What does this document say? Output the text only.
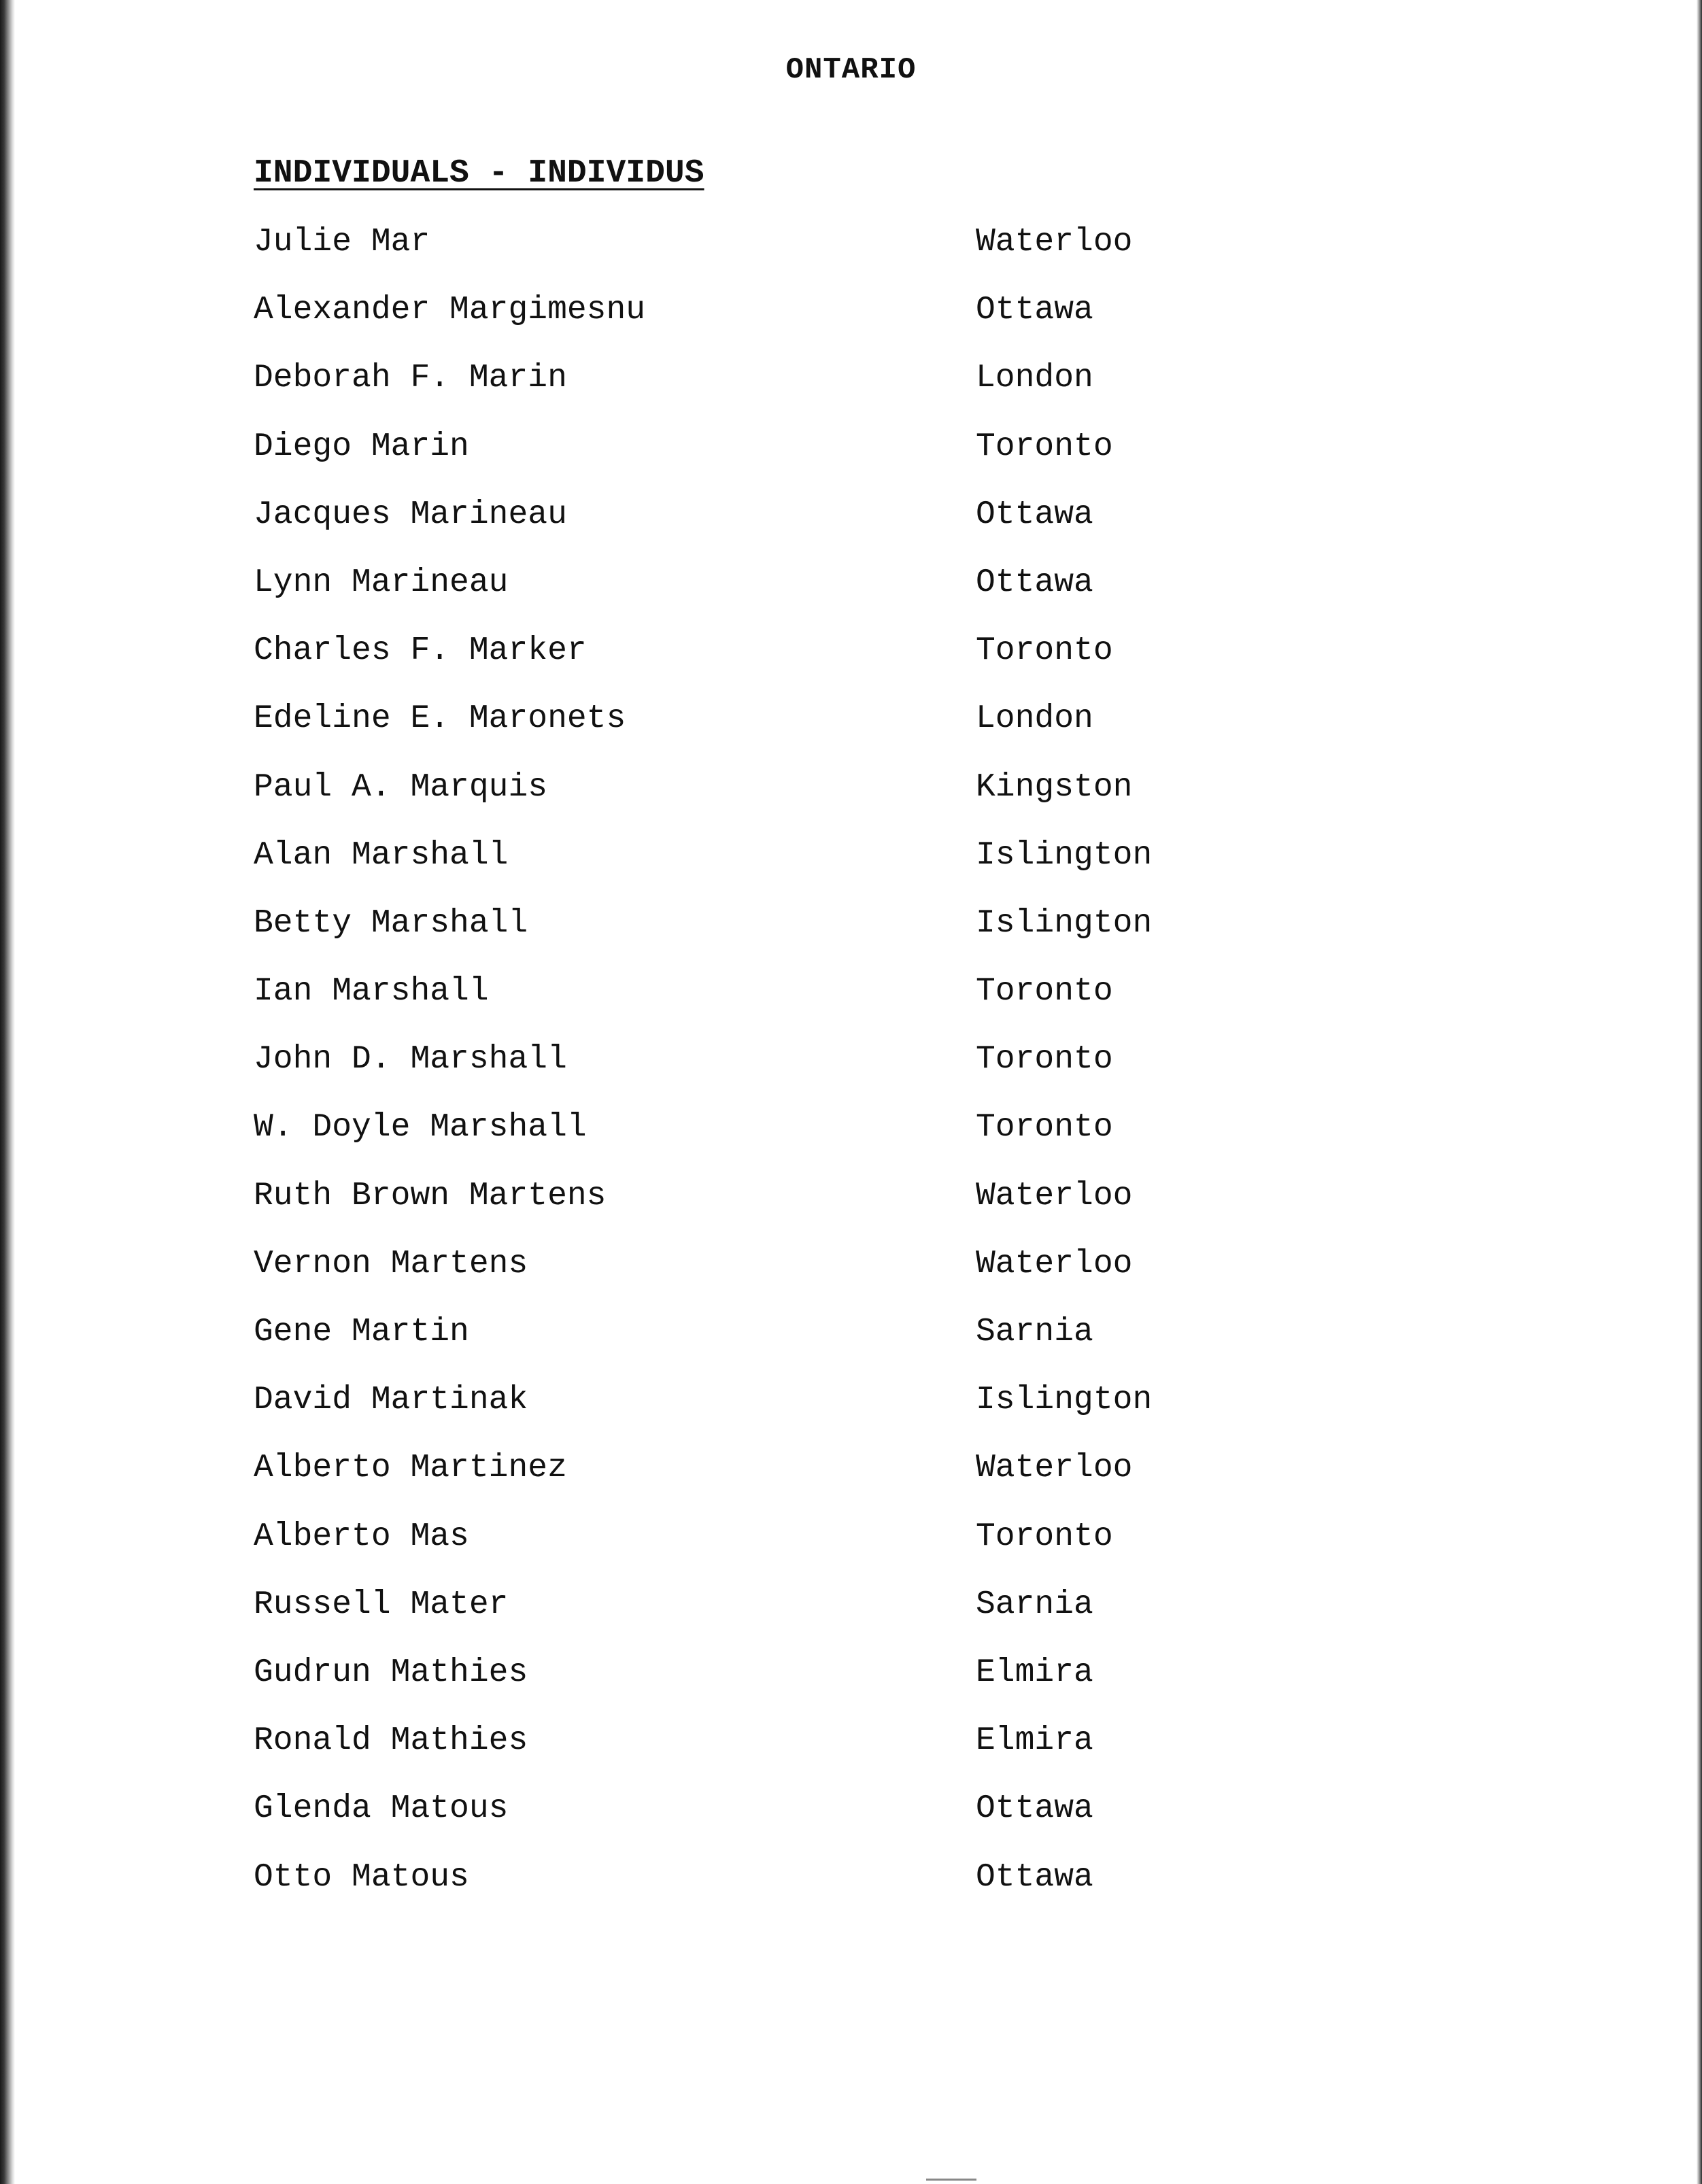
ONTARIO
INDIVIDUALS - INDIVIDUS
Julie Mar	Waterloo
Alexander Margimesnu	Ottawa
Deborah F. Marin	London
Diego Marin	Toronto
Jacques Marineau	Ottawa
Lynn Marineau	Ottawa
Charles F. Marker	Toronto
Edeline E. Maronets	London
Paul A. Marquis	Kingston
Alan Marshall	Islington
Betty Marshall	Islington
Ian Marshall	Toronto
John D. Marshall	Toronto
W. Doyle Marshall	Toronto
Ruth Brown Martens	Waterloo
Vernon Martens	Waterloo
Gene Martin	Sarnia
David Martinak	Islington
Alberto Martinez	Waterloo
Alberto Mas	Toronto
Russell Mater	Sarnia
Gudrun Mathies	Elmira
Ronald Mathies	Elmira
Glenda Matous	Ottawa
Otto Matous	Ottawa
